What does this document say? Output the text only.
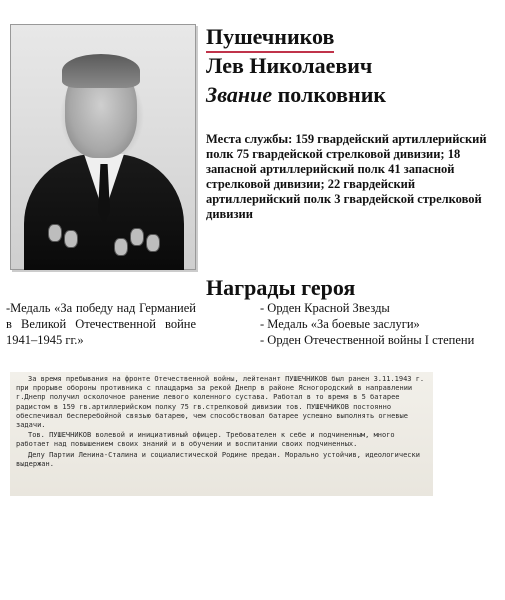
Пушечников

Лев Николаевич

Звание полковник

Места службы: 159 гвардейский артиллерийский полк 75 гвардейской стрелковой дивизии; 18 запасной артиллерийский полк 41 запасной стрелковой дивизии; 22 гвардейский артиллерийский полк 3 гвардейской стрелковой дивизии

Награды героя

-Медаль «За победу над Германией в Великой Отечественной войне 1941–1945 гг.»
- Орден Красной Звезды
- Медаль «За боевые заслуги»
- Орден Отечественной войны I степени

За время пребывания на фронте Отечественной войны, лейтенант ПУШЕЧНИКОВ был ранен 3.11.1943 г. при прорыве обороны противника с плацдарма за рекой Днепр в районе Ясногородский в направлении г.Днепр получил осколочное ранение левого коленного сустава. Работал в то время в 5 батарее радистом в 159 гв.артиллерийском полку 75 гв.стрелковой дивизии тов. ПУШЕЧНИКОВ постоянно обеспечивал бесперебойной связью батарею, чем способствовал батарее успешно выполнять огневые задачи.

Тов. ПУШЕЧНИКОВ волевой и инициативный офицер. Требователен к себе и подчиненным, много работает над повышением своих знаний и в обучении и воспитании своих подчиненных.

Делу Партии Ленина-Сталина и социалистической Родине предан. Морально устойчив, идеологически выдержан.
